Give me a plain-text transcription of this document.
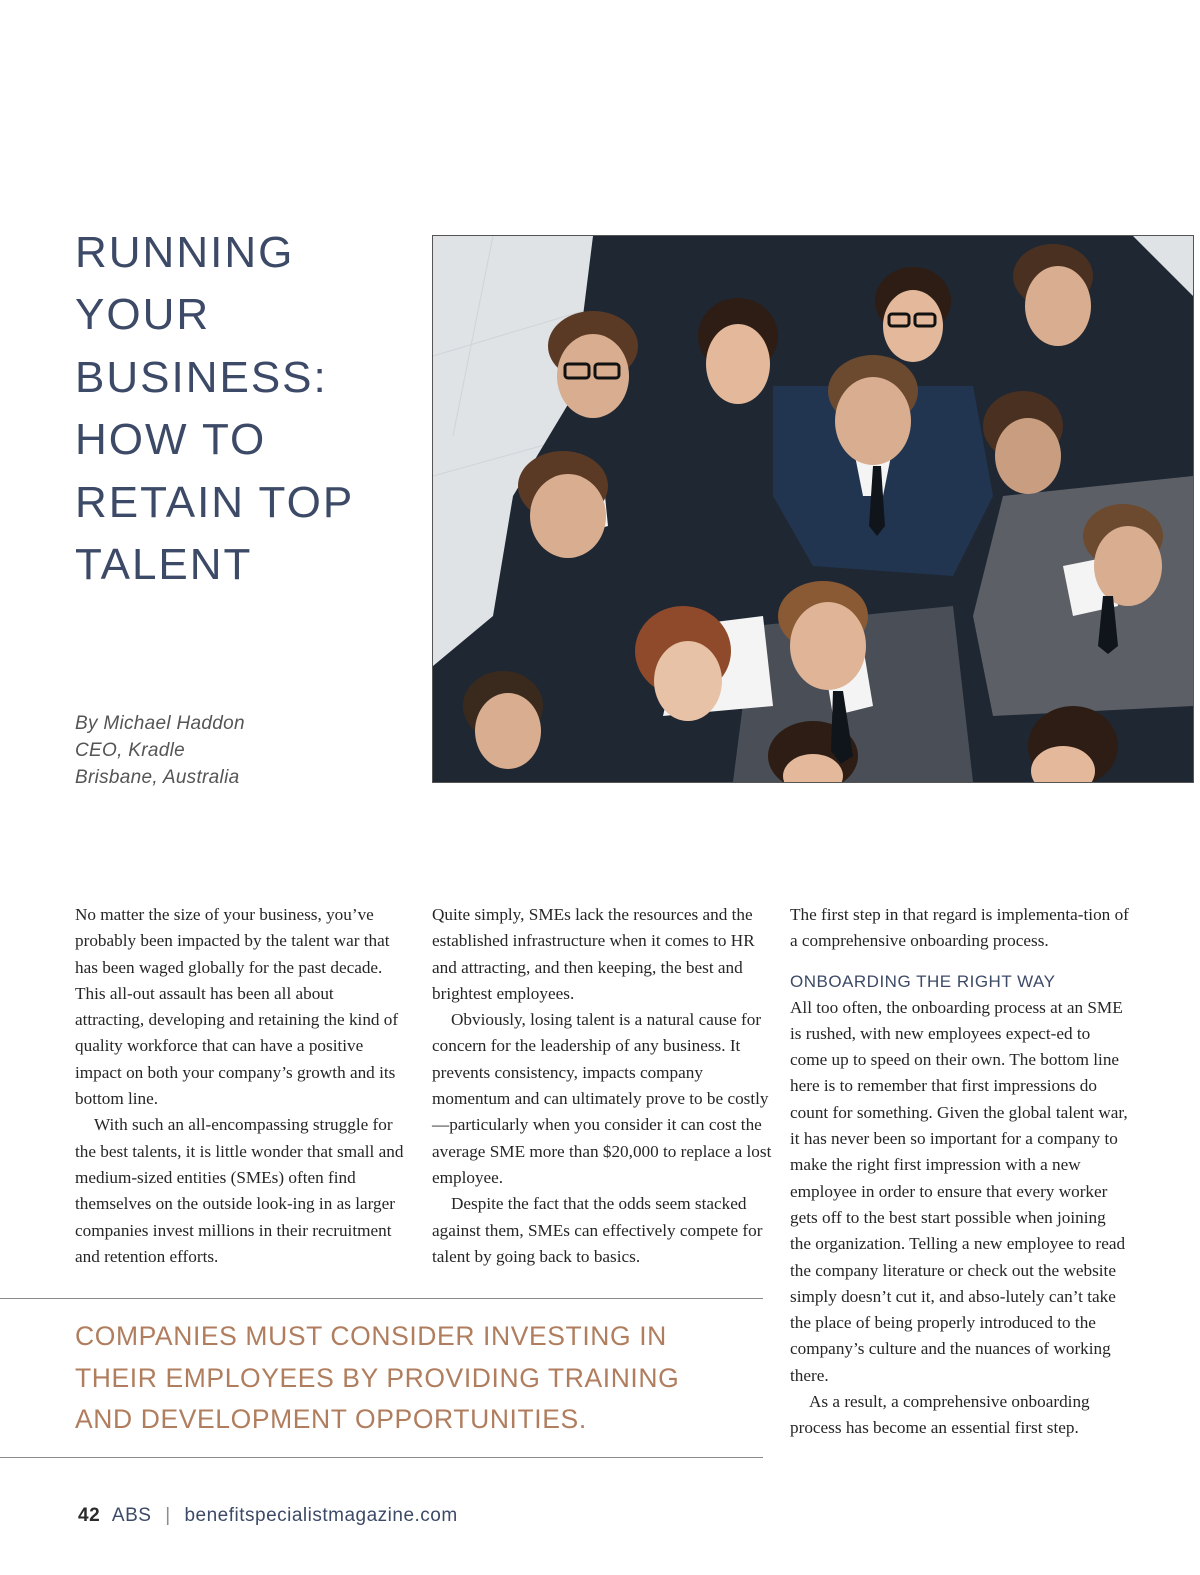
RUNNING
YOUR
BUSINESS:
HOW TO
RETAIN TOP
TALENT
By Michael Haddon
CEO, Kradle
Brisbane, Australia

No matter the size of your business, you’ve probably been impacted by the talent war that has been waged globally for the past decade. This all-out assault has been all about attracting, developing and retaining the kind of quality workforce that can have a positive impact on both your company’s growth and its bottom line.

With such an all-encompassing struggle for the best talents, it is little wonder that small and medium-sized entities (SMEs) often find themselves on the outside look-ing in as larger companies invest millions in their recruitment and retention efforts.

Quite simply, SMEs lack the resources and the established infrastructure when it comes to HR and attracting, and then keeping, the best and brightest employees.

Obviously, losing talent is a natural cause for concern for the leadership of any business. It prevents consistency, impacts company momentum and can ultimately prove to be costly—particularly when you consider it can cost the average SME more than $20,000 to replace a lost employee.

Despite the fact that the odds seem stacked against them, SMEs can effectively compete for talent by going back to basics.

The first step in that regard is implementa-tion of a comprehensive onboarding process.

ONBOARDING THE RIGHT WAY

All too often, the onboarding process at an SME is rushed, with new employees expect-ed to come up to speed on their own. The bottom line here is to remember that first impressions do count for something. Given the global talent war, it has never been so important for a company to make the right first impression with a new employee in order to ensure that every worker gets off to the best start possible when joining the organization. Telling a new employee to read the company literature or check out the website simply doesn’t cut it, and abso-lutely can’t take the place of being properly introduced to the company’s culture and the nuances of working there.

As a result, a comprehensive onboarding process has become an essential first step.

COMPANIES MUST CONSIDER INVESTING IN
THEIR EMPLOYEES BY PROVIDING TRAINING
AND DEVELOPMENT OPPORTUNITIES.
42 ABS | benefitspecialistmagazine.com
